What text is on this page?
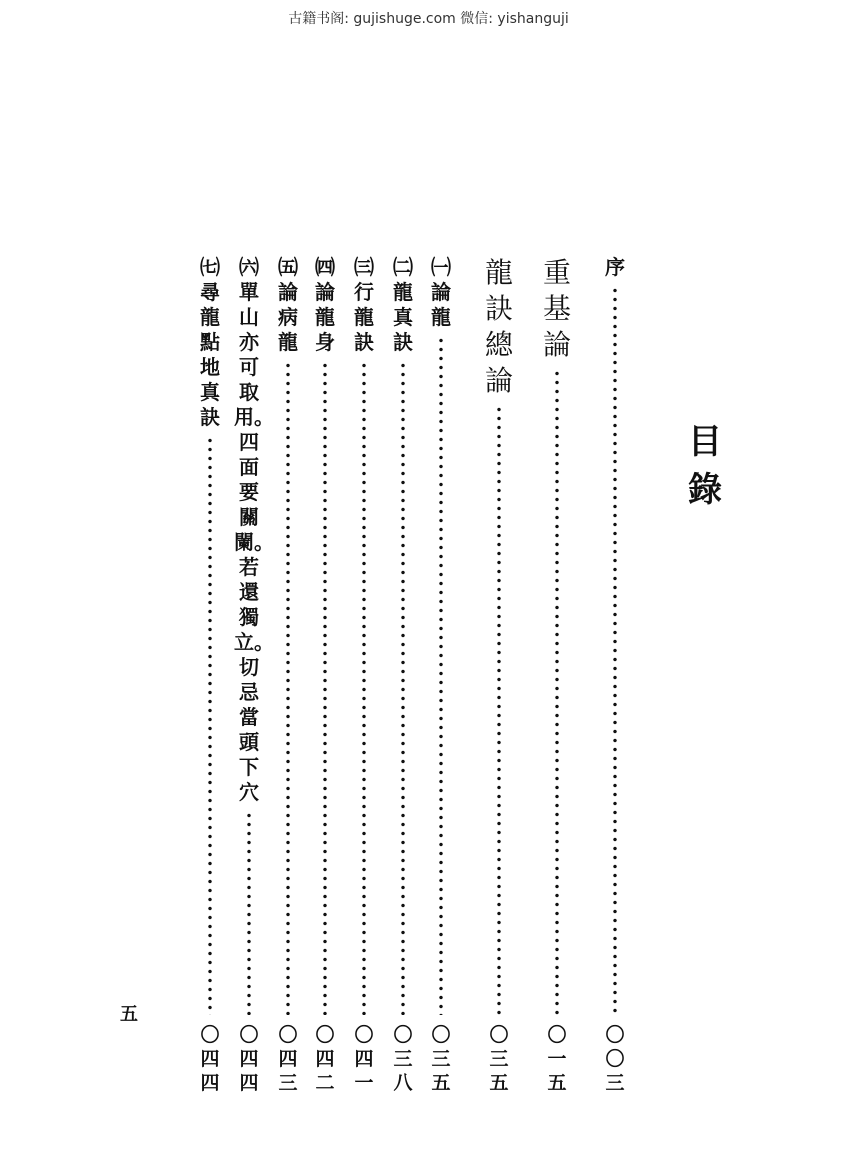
古籍书阁: gujishuge.com 微信: yishanguji
目錄
序
〇〇三
重基論
〇一五
龍訣總論
〇三五
㈠論龍
〇三五
㈡龍真訣
〇三八
㈢行龍訣
〇四一
㈣論龍身
〇四二
㈤論病龍
〇四三
㈥單山亦可取用。四面要關闌。若還獨立。切忌當頭下穴
〇四四
㈦尋龍點地真訣
〇四四
五
